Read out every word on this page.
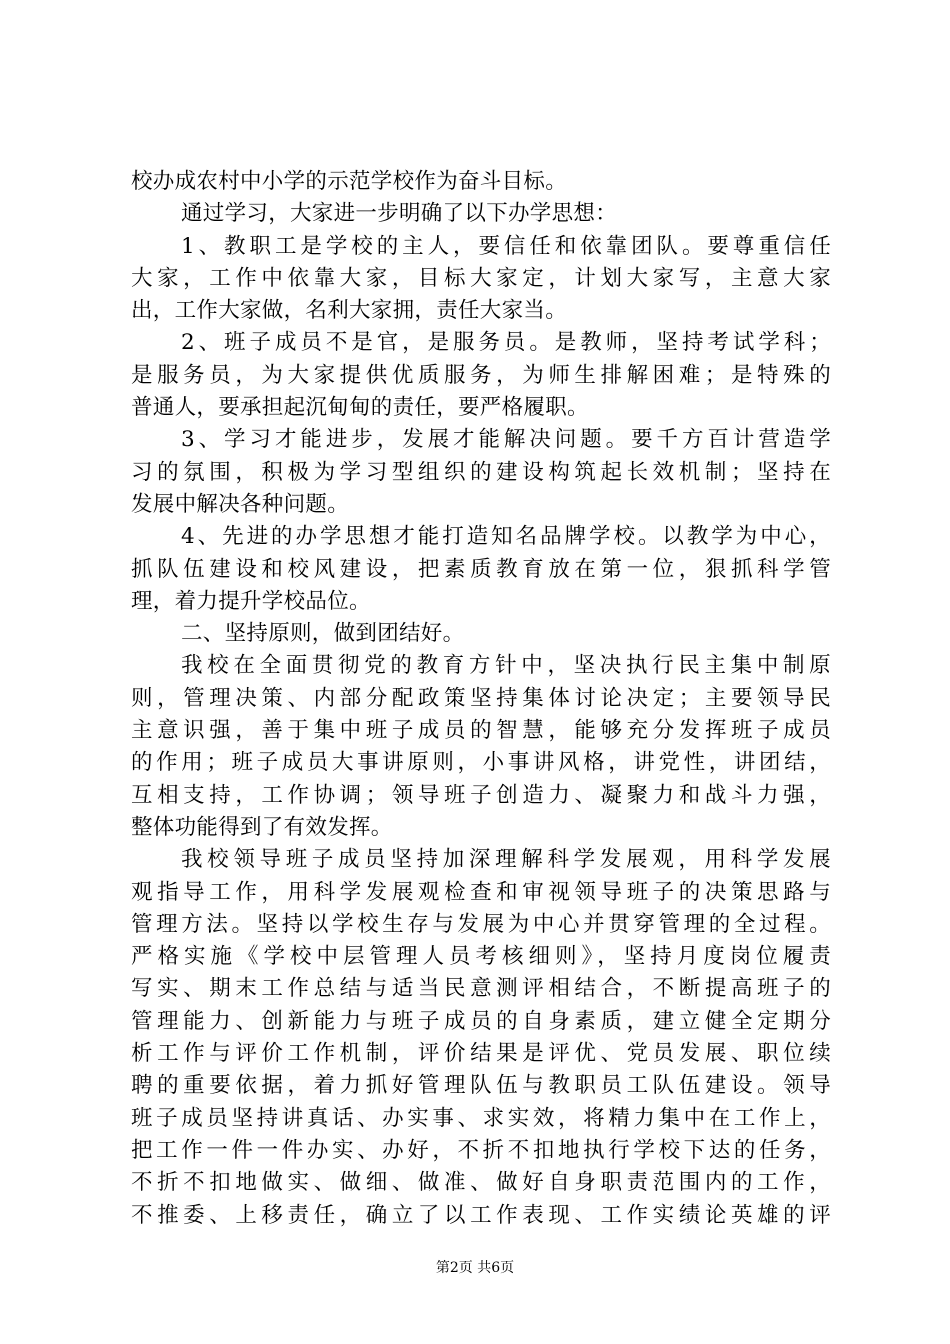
校办成农村中小学的示范学校作为奋斗目标。
通过学习，大家进一步明确了以下办学思想：
1、教职工是学校的主人，要信任和依靠团队。要尊重信任
大家，工作中依靠大家，目标大家定，计划大家写，主意大家
出，工作大家做，名利大家拥，责任大家当。
2、班子成员不是官，是服务员。是教师，坚持考试学科；
是服务员，为大家提供优质服务，为师生排解困难；是特殊的
普通人，要承担起沉甸甸的责任，要严格履职。
3、学习才能进步，发展才能解决问题。要千方百计营造学
习的氛围，积极为学习型组织的建设构筑起长效机制；坚持在
发展中解决各种问题。
4、先进的办学思想才能打造知名品牌学校。以教学为中心，
抓队伍建设和校风建设，把素质教育放在第一位，狠抓科学管
理，着力提升学校品位。
二、坚持原则，做到团结好。
我校在全面贯彻党的教育方针中，坚决执行民主集中制原
则，管理决策、内部分配政策坚持集体讨论决定；主要领导民
主意识强，善于集中班子成员的智慧，能够充分发挥班子成员
的作用；班子成员大事讲原则，小事讲风格，讲党性，讲团结，
互相支持，工作协调；领导班子创造力、凝聚力和战斗力强，
整体功能得到了有效发挥。
我校领导班子成员坚持加深理解科学发展观，用科学发展
观指导工作，用科学发展观检查和审视领导班子的决策思路与
管理方法。坚持以学校生存与发展为中心并贯穿管理的全过程。
严格实施《学校中层管理人员考核细则》，坚持月度岗位履责
写实、期末工作总结与适当民意测评相结合，不断提高班子的
管理能力、创新能力与班子成员的自身素质，建立健全定期分
析工作与评价工作机制，评价结果是评优、党员发展、职位续
聘的重要依据，着力抓好管理队伍与教职员工队伍建设。领导
班子成员坚持讲真话、办实事、求实效，将精力集中在工作上，
把工作一件一件办实、办好，不折不扣地执行学校下达的任务，
不折不扣地做实、做细、做准、做好自身职责范围内的工作，
不推委、上移责任，确立了以工作表现、工作实绩论英雄的评
第2页 共6页
